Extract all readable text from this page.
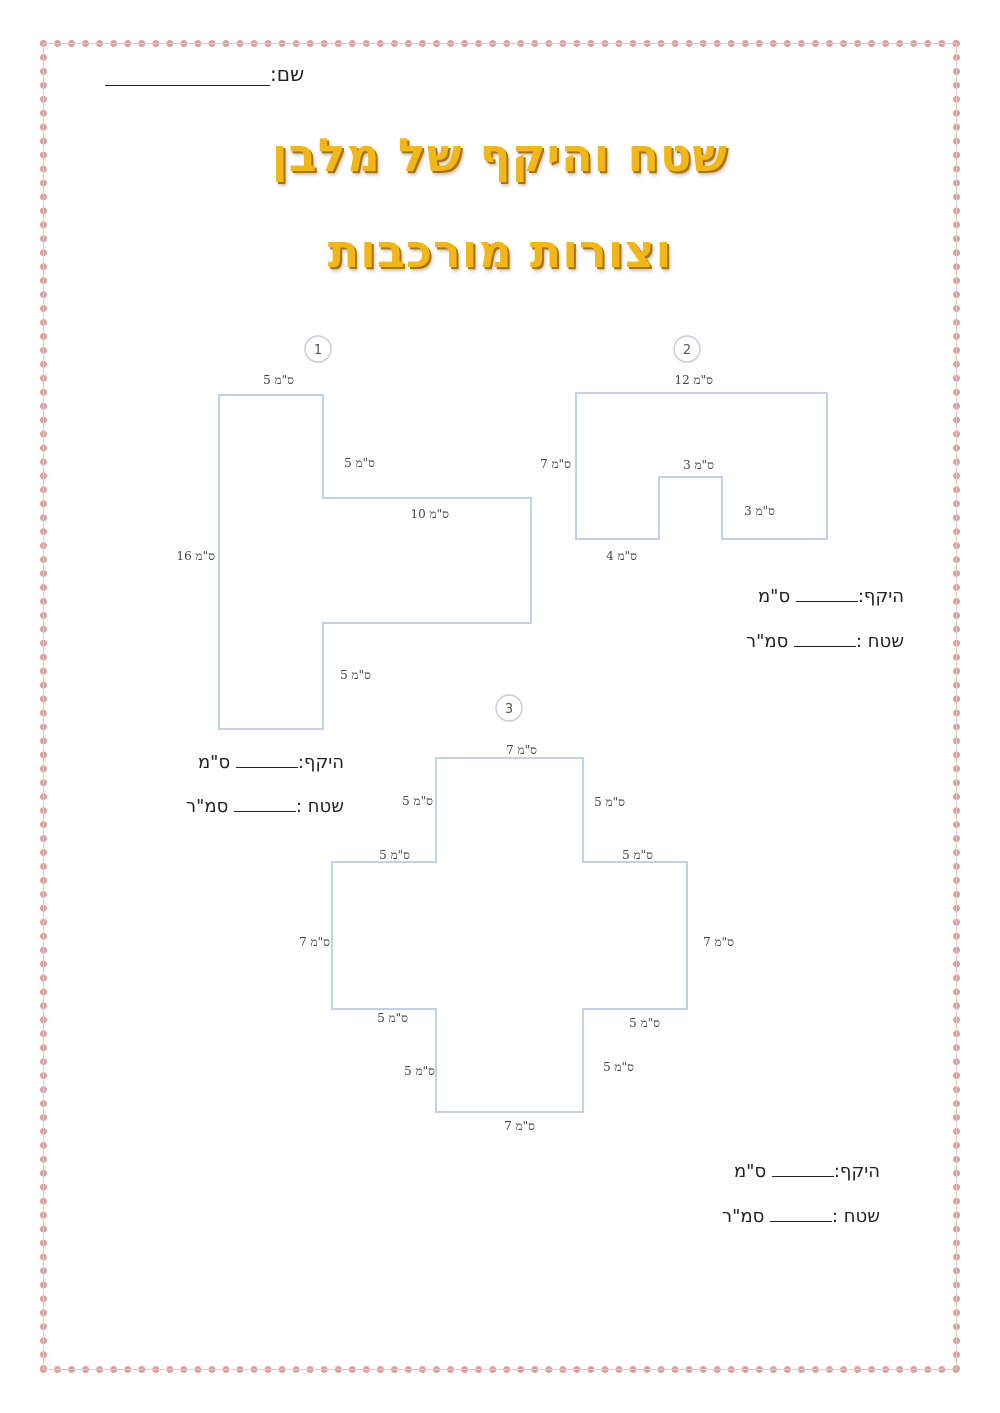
שם:
שטח והיקף של מלבן
וצורות מורכבות
1
5 ס"מ
5 ס"מ
10 ס"מ
16 ס"מ
5 ס"מ
2
12 ס"מ
7 ס"מ	3 ס"מ
3 ס"מ
4 ס"מ
3
7 ס"מ
5 ס"מ	5 ס"מ
5 ס"מ	5 ס"מ
7 ס"מ	7 ס"מ
5 ס"מ	5 ס"מ
5 ס"מ	5 ס"מ
7 ס"מ
היקף: ס"מ
שטח : סמ"ר
היקף: ס"מ
שטח : סמ"ר
היקף: ס"מ
שטח : סמ"ר
